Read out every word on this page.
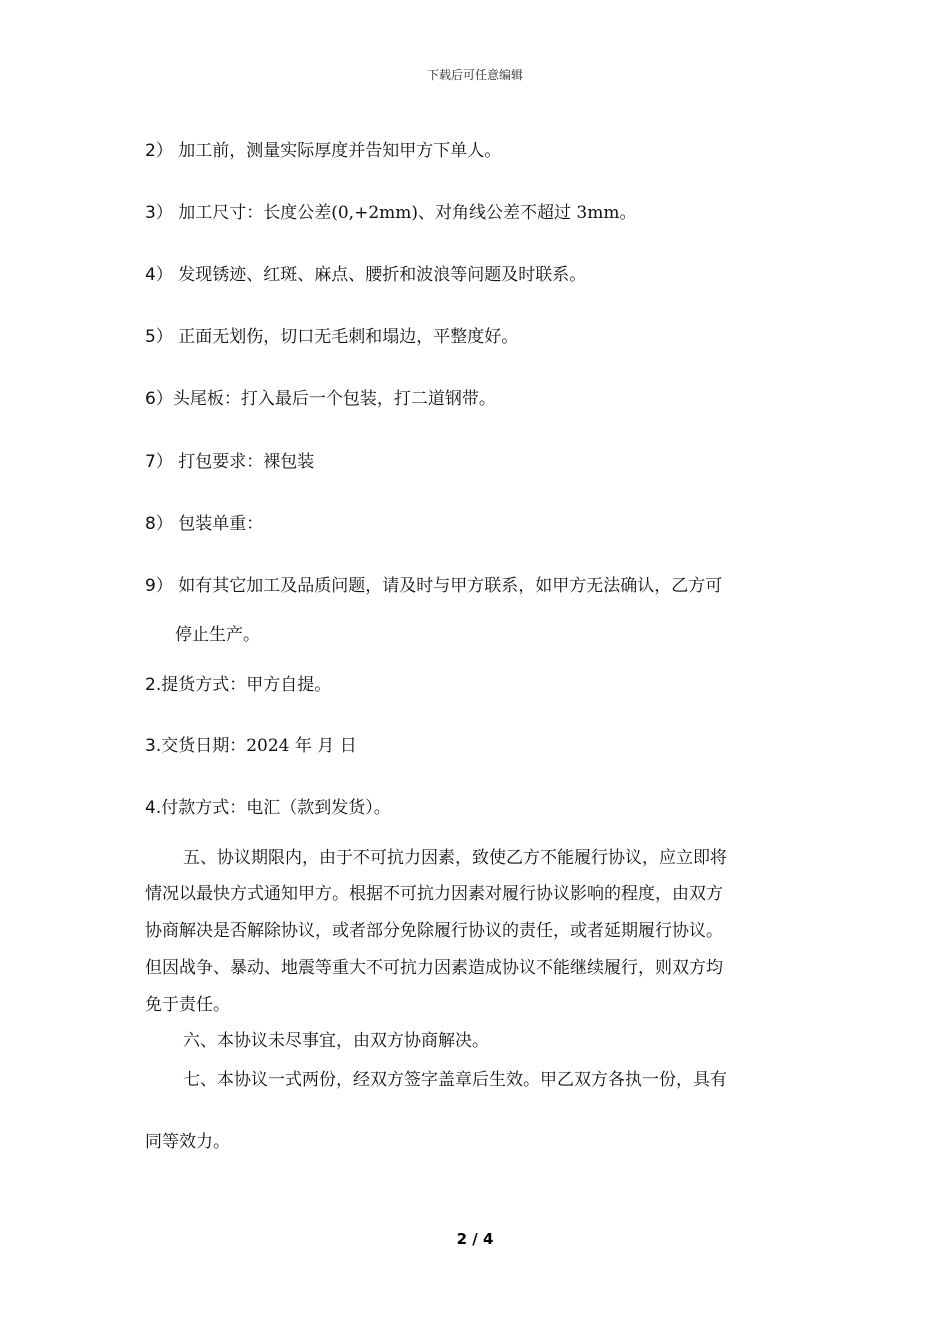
下载后可任意编辑
2） 加工前，测量实际厚度并告知甲方下单人。
3） 加工尺寸：长度公差(0,+2mm)、对角线公差不超过 3mm。
4） 发现锈迹、红斑、麻点、腰折和波浪等问题及时联系。
5） 正面无划伤，切口无毛刺和塌边，平整度好。
6）头尾板：打入最后一个包装，打二道钢带。
7） 打包要求：裸包装
8） 包装单重：
9） 如有其它加工及品质问题，请及时与甲方联系，如甲方无法确认，乙方可
停止生产。
2.提货方式：甲方自提。
3.交货日期：2024 年 月 日
4.付款方式：电汇（款到发货）。
五、协议期限内，由于不可抗力因素，致使乙方不能履行协议，应立即将
情况以最快方式通知甲方。根据不可抗力因素对履行协议影响的程度，由双方
协商解决是否解除协议，或者部分免除履行协议的责任，或者延期履行协议。
但因战争、暴动、地震等重大不可抗力因素造成协议不能继续履行，则双方均
免于责任。
六、本协议未尽事宜，由双方协商解决。
七、本协议一式两份，经双方签字盖章后生效。甲乙双方各执一份，具有
同等效力。
2 / 4
